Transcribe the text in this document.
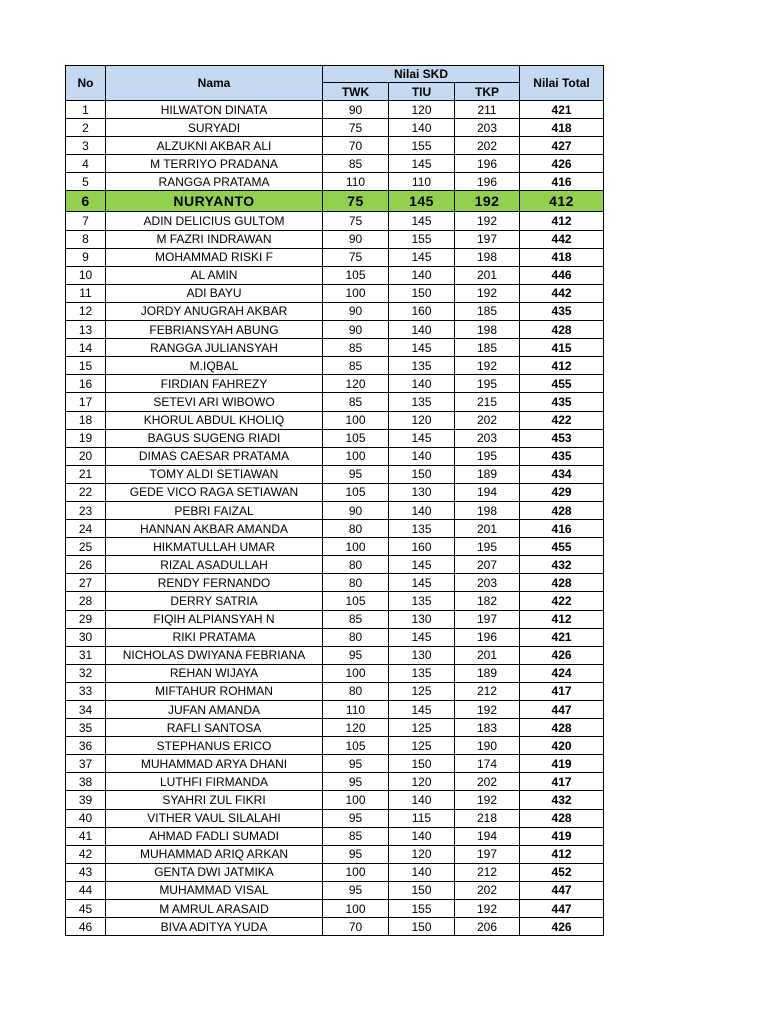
No	Nama	Nilai SKD			Nilai Total
		TWK	TIU	TKP	
1	HILWATON DINATA	90	120	211	421
2	SURYADI	75	140	203	418
3	ALZUKNI AKBAR ALI	70	155	202	427
4	M TERRIYO PRADANA	85	145	196	426
5	RANGGA PRATAMA	110	110	196	416
6	NURYANTO	75	145	192	412
7	ADIN DELICIUS GULTOM	75	145	192	412
8	M FAZRI INDRAWAN	90	155	197	442
9	MOHAMMAD RISKI F	75	145	198	418
10	AL AMIN	105	140	201	446
11	ADI BAYU	100	150	192	442
12	JORDY ANUGRAH AKBAR	90	160	185	435
13	FEBRIANSYAH ABUNG	90	140	198	428
14	RANGGA JULIANSYAH	85	145	185	415
15	M.IQBAL	85	135	192	412
16	FIRDIAN FAHREZY	120	140	195	455
17	SETEVI ARI WIBOWO	85	135	215	435
18	KHORUL ABDUL KHOLIQ	100	120	202	422
19	BAGUS SUGENG RIADI	105	145	203	453
20	DIMAS CAESAR PRATAMA	100	140	195	435
21	TOMY ALDI SETIAWAN	95	150	189	434
22	GEDE VICO RAGA SETIAWAN	105	130	194	429
23	PEBRI FAIZAL	90	140	198	428
24	HANNAN AKBAR AMANDA	80	135	201	416
25	HIKMATULLAH UMAR	100	160	195	455
26	RIZAL ASADULLAH	80	145	207	432
27	RENDY FERNANDO	80	145	203	428
28	DERRY SATRIA	105	135	182	422
29	FIQIH ALPIANSYAH N	85	130	197	412
30	RIKI PRATAMA	80	145	196	421
31	NICHOLAS DWIYANA FEBRIANA	95	130	201	426
32	REHAN WIJAYA	100	135	189	424
33	MIFTAHUR ROHMAN	80	125	212	417
34	JUFAN AMANDA	110	145	192	447
35	RAFLI SANTOSA	120	125	183	428
36	STEPHANUS ERICO	105	125	190	420
37	MUHAMMAD ARYA DHANI	95	150	174	419
38	LUTHFI FIRMANDA	95	120	202	417
39	SYAHRI ZUL FIKRI	100	140	192	432
40	VITHER VAUL SILALAHI	95	115	218	428
41	AHMAD FADLI SUMADI	85	140	194	419
42	MUHAMMAD ARIQ ARKAN	95	120	197	412
43	GENTA DWI JATMIKA	100	140	212	452
44	MUHAMMAD VISAL	95	150	202	447
45	M AMRUL ARASAID	100	155	192	447
46	BIVA ADITYA YUDA	70	150	206	426
